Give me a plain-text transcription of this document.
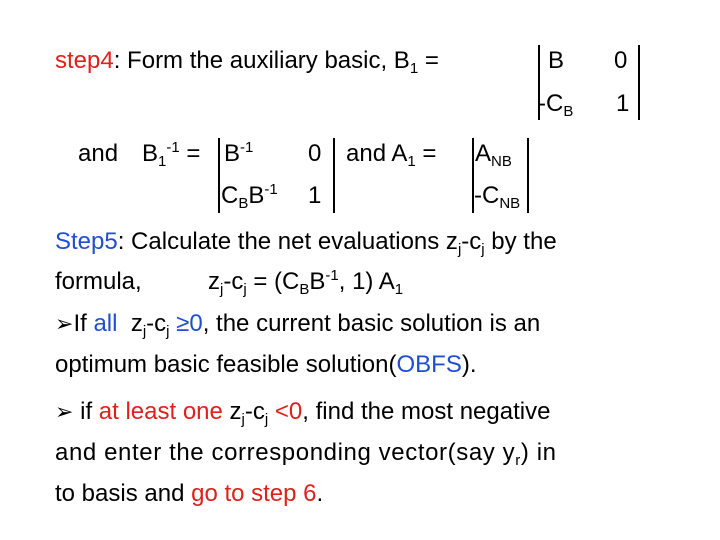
step4: Form the auxiliary basic, $B_1$ =	B 0
$-C_B$ 1
and $B_1^{-1} = B^{-1}$ 0
$C_BB^{-1}$ 1
and $A_1 = A_{NB}$
$-C_{NB}$
Step5: Calculate the net evaluations $z_j-c_j$ by the
formula,	$z_j-c_j = (C_BB^{-1}$, 1) $A_1$
➢If all $z_j-c_j \ge 0$, the current basic solution is an
optimum basic feasible solution(OBFS).
➢ if at least one $z_j-c_j <0$, find the most negative
and enter the corresponding vector(say $y_r$) in
to basis and go to step 6.
